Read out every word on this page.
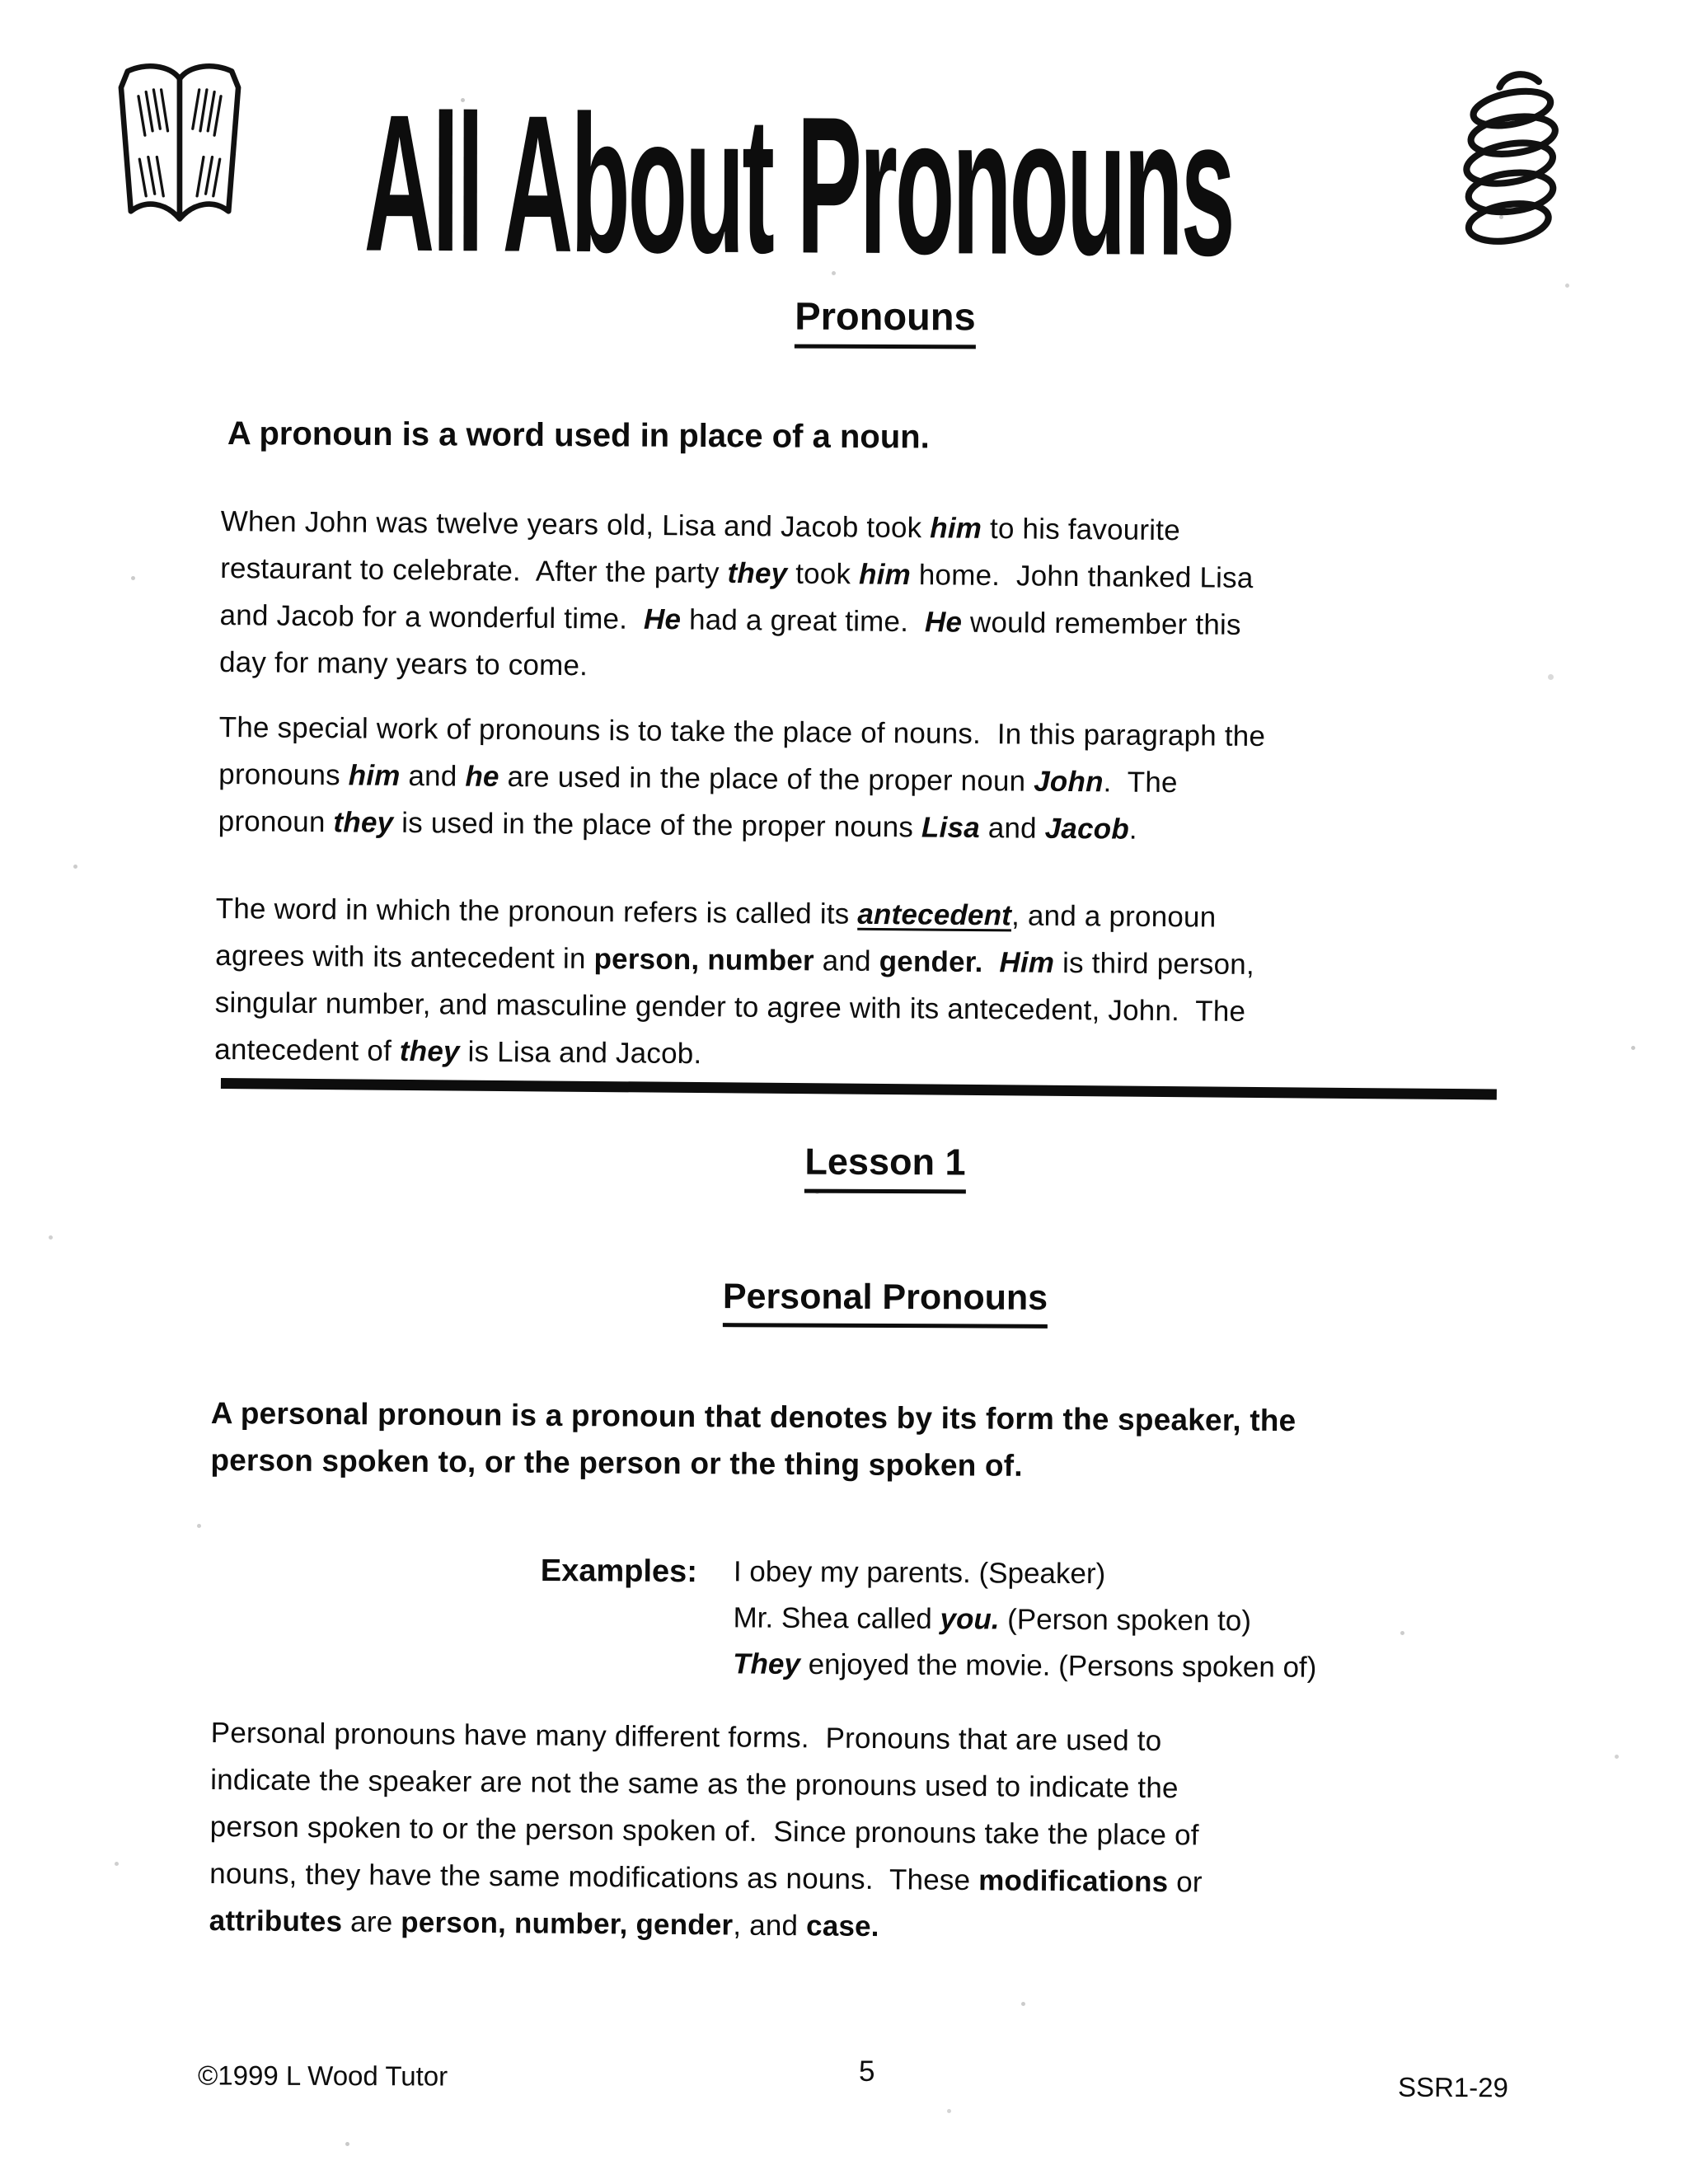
All About Pronouns
Pronouns
A pronoun is a word used in place of a noun.
When John was twelve years old, Lisa and Jacob took him to his favourite
restaurant to celebrate.  After the party they took him home.  John thanked Lisa
and Jacob for a wonderful time.  He had a great time.  He would remember this
day for many years to come.
The special work of pronouns is to take the place of nouns.  In this paragraph the
pronouns him and he are used in the place of the proper noun John.  The
pronoun they is used in the place of the proper nouns Lisa and Jacob.
The word in which the pronoun refers is called its antecedent, and a pronoun
agrees with its antecedent in person, number and gender. Him is third person,
singular number, and masculine gender to agree with its antecedent, John.  The
antecedent of they is Lisa and Jacob.
Lesson 1
Personal Pronouns
A personal pronoun is a pronoun that denotes by its form the speaker, the
person spoken to, or the person or the thing spoken of.
Examples: I obey my parents. (Speaker)
Mr. Shea called you. (Person spoken to)
They enjoyed the movie. (Persons spoken of)
Personal pronouns have many different forms.  Pronouns that are used to
indicate the speaker are not the same as the pronouns used to indicate the
person spoken to or the person spoken of.  Since pronouns take the place of
nouns, they have the same modifications as nouns.  These modifications or
attributes are person, number, gender, and case.
©1999 L Wood Tutor	5	SSR1-29
